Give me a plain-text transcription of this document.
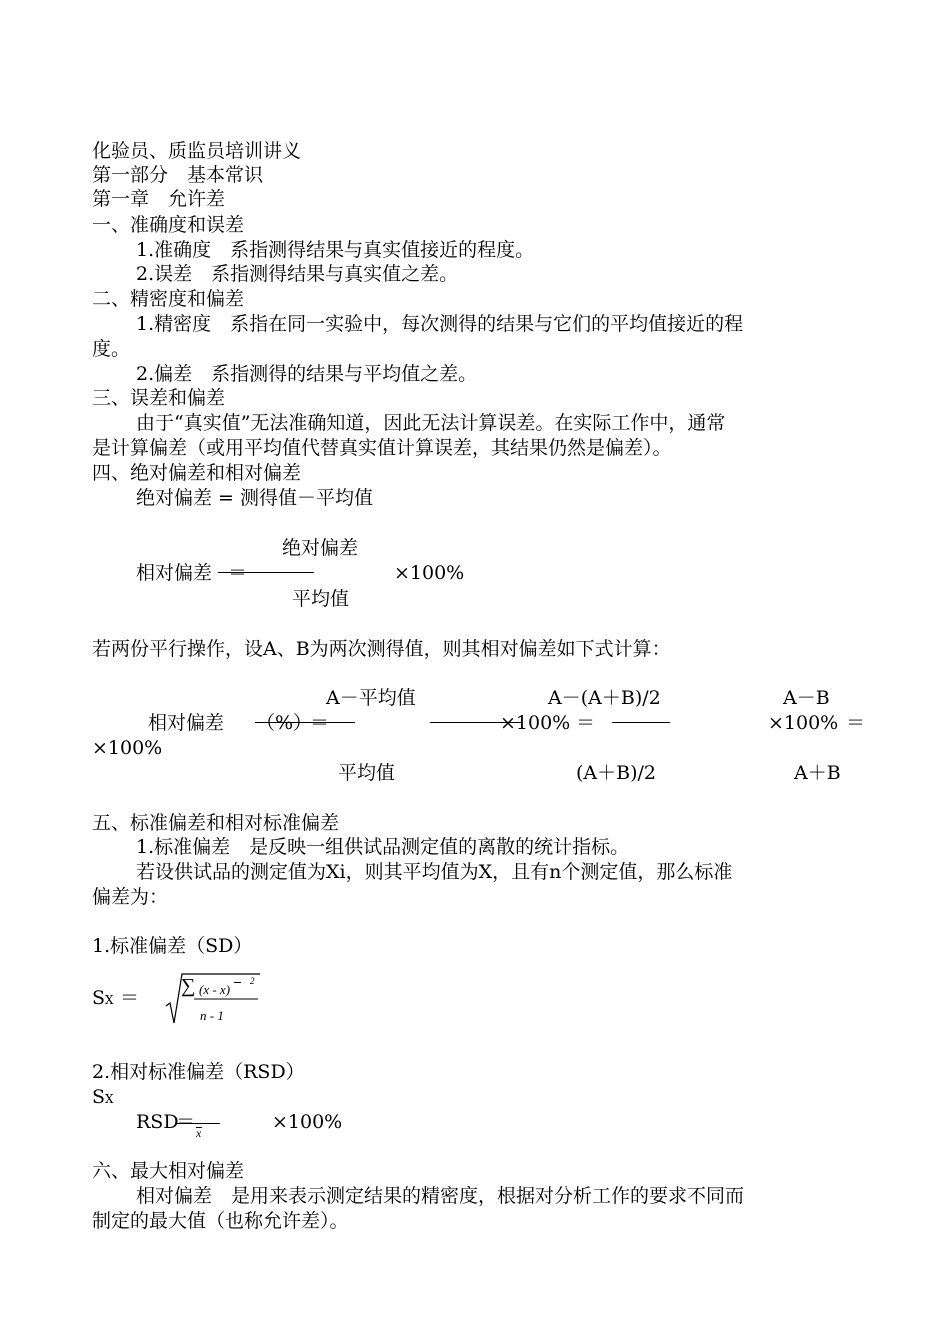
化验员、质监员培训讲义
第一部分　基本常识
第一章　允许差
一、准确度和误差
1.准确度　系指测得结果与真实值接近的程度。
2.误差　系指测得结果与真实值之差。
二、精密度和偏差
1.精密度　系指在同一实验中，每次测得的结果与它们的平均值接近的程
度。
2.偏差　系指测得的结果与平均值之差。
三、误差和偏差
由于“真实值”无法准确知道，因此无法计算误差。在实际工作中，通常
是计算偏差（或用平均值代替真实值计算误差，其结果仍然是偏差）。
四、绝对偏差和相对偏差
绝对偏差 = 测得值－平均值
绝对偏差
相对偏差 ＝	×100%
平均值
若两份平行操作，设A、B为两次测得值，则其相对偏差如下式计算：
A－平均值	A－(A＋B)/2	A－B
相对偏差 （%）
＝	×100% ＝	×100% ＝
×100%
平均值	(A＋B)/2	A＋B
五、标准偏差和相对标准偏差
1.标准偏差　是反映一组供试品测定值的离散的统计指标。
若设供试品的测定值为Xi，则其平均值为X，且有n个测定值，那么标准
偏差为：
1.标准偏差（SD）
SX ＝
∑ (x - x)
2
n - 1
2.相对标准偏差（RSD）
SX
RSD
＝ x	×100%
六、最大相对偏差
相对偏差　是用来表示测定结果的精密度，根据对分析工作的要求不同而
制定的最大值（也称允许差）。
